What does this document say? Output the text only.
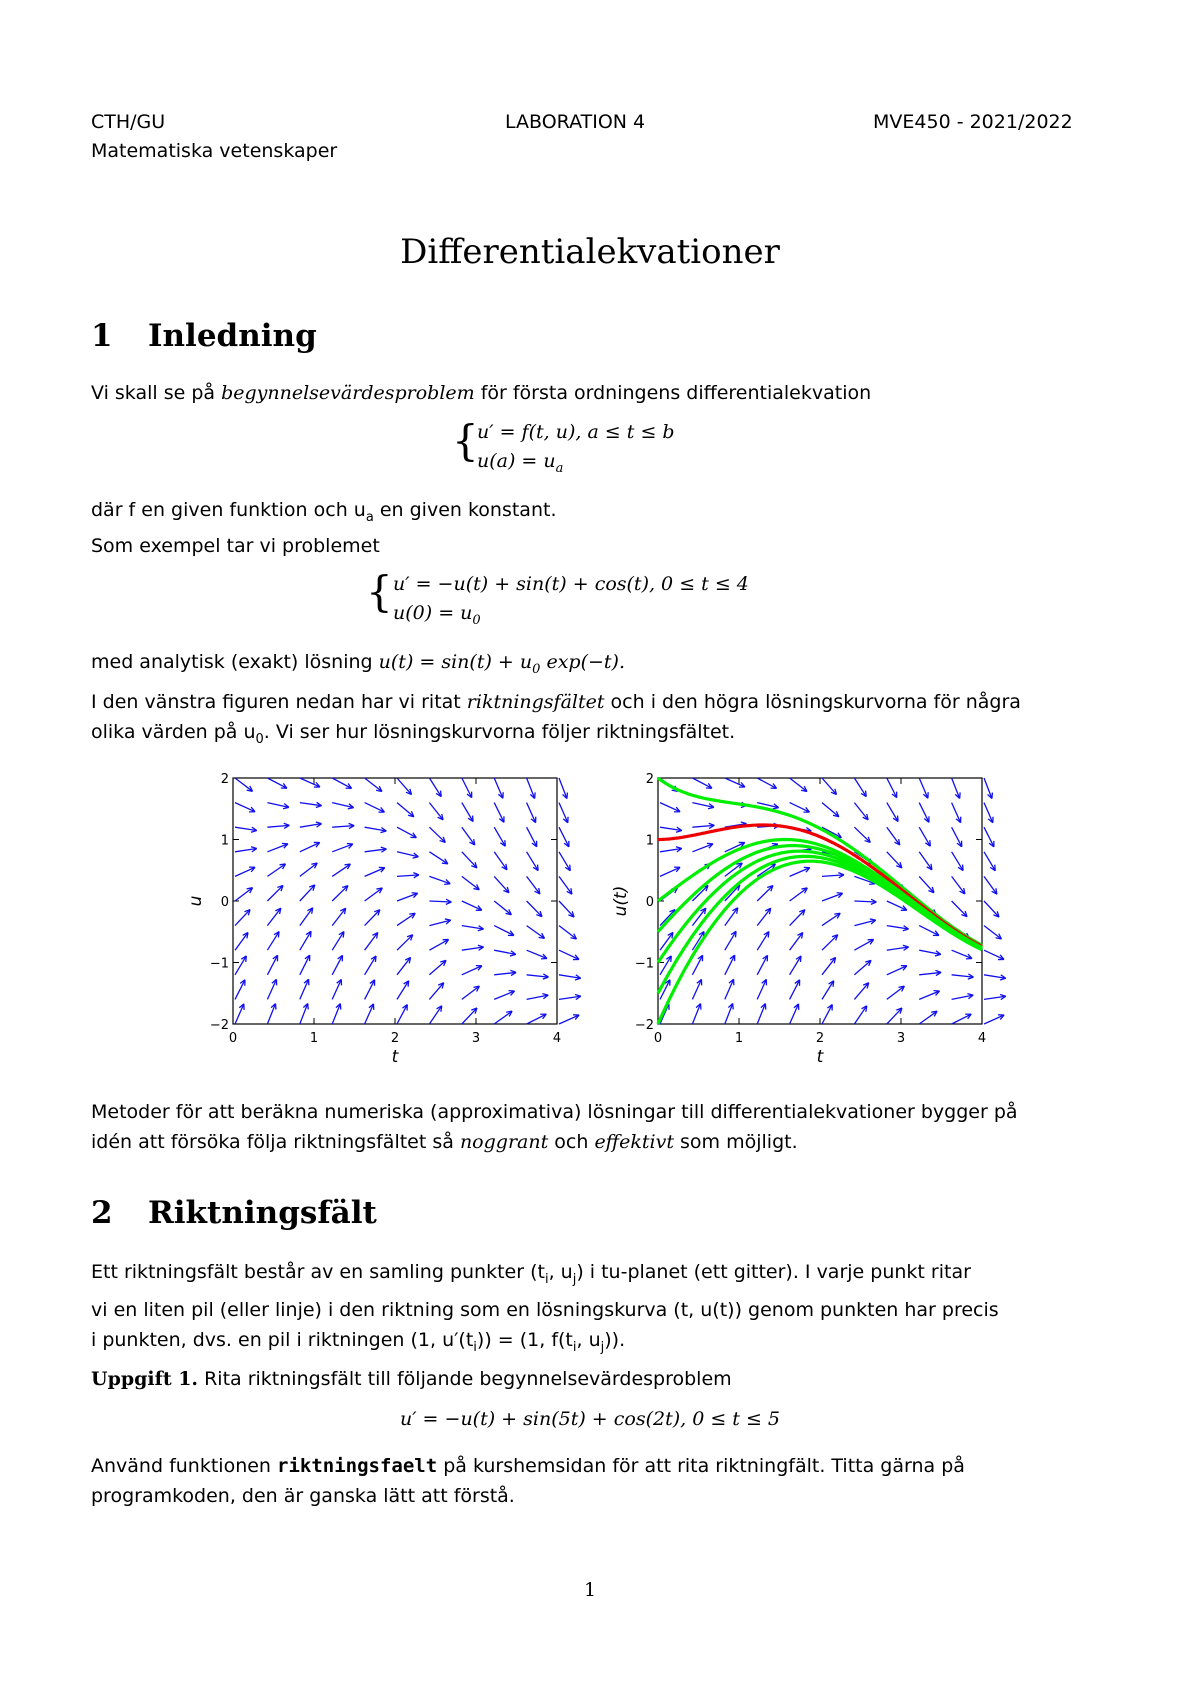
CTH/GU
Matematiska vetenskaper
LABORATION 4	MVE450 - 2021/2022
Differentialekvationer
1 Inledning
Vi skall se på begynnelsevärdesproblem för första ordningens differentialekvation
{
u′ = f(t, u), a ≤ t ≤ b
$u(a) = u_a$
där f en given funktion och $u_a$ en given konstant.
Som exempel tar vi problemet
{ u′ = −u(t) + sin(t) + cos(t), 0 ≤ t ≤ 4
$u(0) = u_0$
med analytisk (exakt) lösning $u(t) = \sin(t) + u_0$ exp(−t).
I den vänstra figuren nedan har vi ritat riktningsfältet och i den högra lösningskurvorna för några
olika värden på $u_0$. Vi ser hur lösningskurvorna följer riktningsfältet.
0	1	2	3	4
2
1
0
−1
−2
t
u
0	1	2	3	4
2
1
0
−1
−2
t
u(t)
Metoder för att beräkna numeriska (approximativa) lösningar till differentialekvationer bygger på
idén att försöka följa riktningsfältet så noggrant och effektivt som möjligt.
2 Riktningsfält
Ett riktningsfält består av en samling punkter ($t_i$, $u_j$) i tu-planet (ett gitter). I varje punkt ritar
vi en liten pil (eller linje) i den riktning som en lösningskurva (t, u(t)) genom punkten har precis
i punkten, dvs. en pil i riktningen (1, $u'(t_i)) = (1$, $f(t_i$, $u_j$)).
Uppgift 1. Rita riktningsfält till följande begynnelsevärdesproblem
u′ = −u(t) + sin(5t) + cos(2t), 0 ≤ t ≤ 5
Använd funktionen riktningsfaelt på kurshemsidan för att rita riktningfält. Titta gärna på
programkoden, den är ganska lätt att förstå.
1
